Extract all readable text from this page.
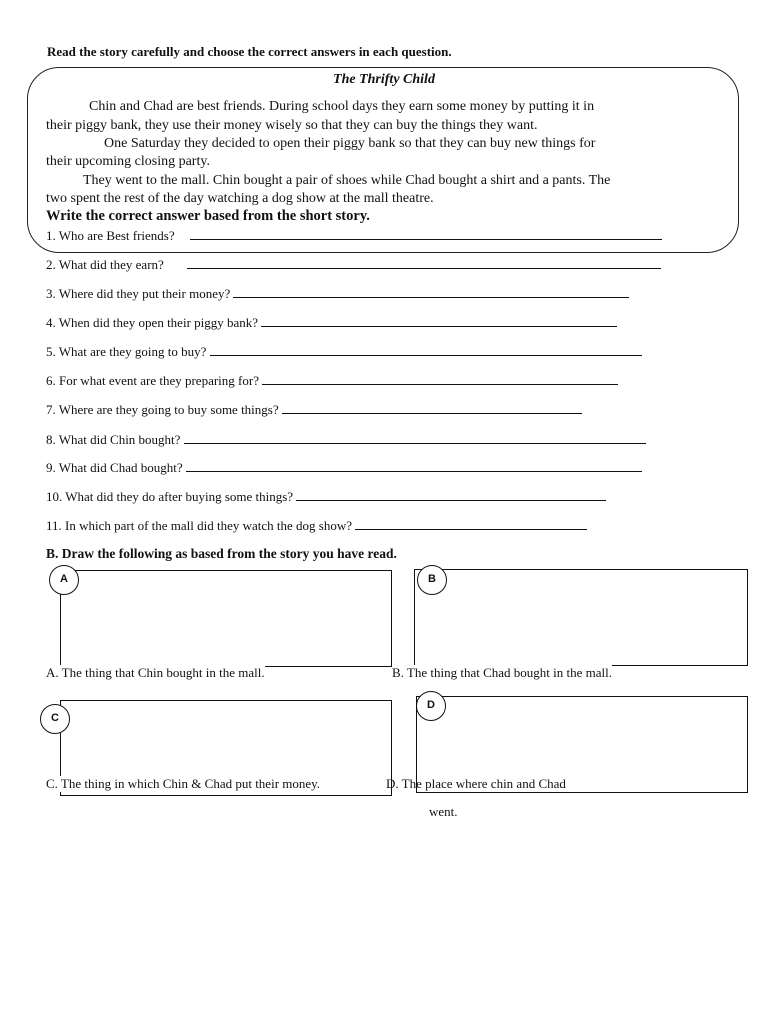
Read the story carefully and choose the correct answers in each question.
The Thrifty Child
Chin and Chad are best friends. During school days they earn some money by putting it in
their piggy bank, they use their money wisely so that they can buy the things they want.
One Saturday they decided to open their piggy bank so that they can buy new things for
their upcoming closing party.
They went to the mall. Chin bought a pair of shoes while Chad bought a shirt and a pants. The
two spent the rest of the day watching a dog show at the mall theatre.
Write the correct answer based from the short story.
1. Who are Best friends?
2. What did they earn?
3. Where did they put their money?
4. When did they open their piggy bank?
5. What are they going to buy?
6. For what event are they preparing for?
7. Where are they going to buy some things?
8. What did Chin bought?
9. What did Chad bought?
10. What did they do after buying some things?
11. In which part of the mall did they watch the dog show?
B. Draw the following as based from the story you have read.
A
A. The thing that Chin bought in the mall.
B
B. The thing that Chad bought in the mall.
C
C. The thing in which Chin & Chad put their money.
D
D. The place where chin and Chad
went.
